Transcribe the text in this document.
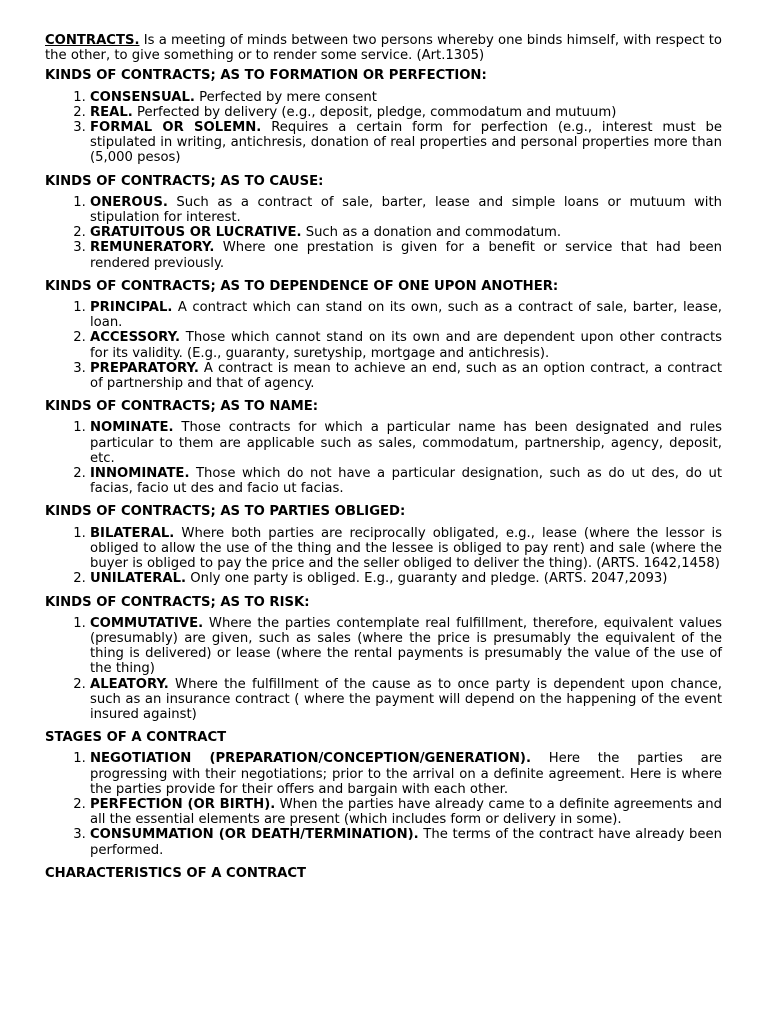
CONTRACTS. Is a meeting of minds between two persons whereby one binds himself, with respect to the other, to give something or to render some service. (Art.1305)

KINDS OF CONTRACTS; AS TO FORMATION OR PERFECTION:
1. CONSENSUAL. Perfected by mere consent
2. REAL. Perfected by delivery (e.g., deposit, pledge, commodatum and mutuum)
3. FORMAL OR SOLEMN. Requires a certain form for perfection (e.g., interest must be stipulated in writing, antichresis, donation of real properties and personal properties more than (5,000 pesos)
KINDS OF CONTRACTS; AS TO CAUSE:
1. ONEROUS. Such as a contract of sale, barter, lease and simple loans or mutuum with stipulation for interest.
2. GRATUITOUS OR LUCRATIVE. Such as a donation and commodatum.
3. REMUNERATORY. Where one prestation is given for a benefit or service that had been rendered previously.
KINDS OF CONTRACTS; AS TO DEPENDENCE OF ONE UPON ANOTHER:
1. PRINCIPAL. A contract which can stand on its own, such as a contract of sale, barter, lease, loan.
2. ACCESSORY. Those which cannot stand on its own and are dependent upon other contracts for its validity. (E.g., guaranty, suretyship, mortgage and antichresis).
3. PREPARATORY. A contract is mean to achieve an end, such as an option contract, a contract of partnership and that of agency.
KINDS OF CONTRACTS; AS TO NAME:
1. NOMINATE. Those contracts for which a particular name has been designated and rules particular to them are applicable such as sales, commodatum, partnership, agency, deposit, etc.
2. INNOMINATE. Those which do not have a particular designation, such as do ut des, do ut facias, facio ut des and facio ut facias.
KINDS OF CONTRACTS; AS TO PARTIES OBLIGED:
1. BILATERAL. Where both parties are reciprocally obligated, e.g., lease (where the lessor is obliged to allow the use of the thing and the lessee is obliged to pay rent) and sale (where the buyer is obliged to pay the price and the seller obliged to deliver the thing). (ARTS. 1642,1458)
2. UNILATERAL. Only one party is obliged. E.g., guaranty and pledge. (ARTS. 2047,2093)
KINDS OF CONTRACTS; AS TO RISK:
1. COMMUTATIVE. Where the parties contemplate real fulfillment, therefore, equivalent values (presumably) are given, such as sales (where the price is presumably the equivalent of the thing is delivered) or lease (where the rental payments is presumably the value of the use of the thing)
2. ALEATORY. Where the fulfillment of the cause as to once party is dependent upon chance, such as an insurance contract ( where the payment will depend on the happening of the event insured against)
STAGES OF A CONTRACT
1. NEGOTIATION (PREPARATION/CONCEPTION/GENERATION). Here the parties are progressing with their negotiations; prior to the arrival on a definite agreement. Here is where the parties provide for their offers and bargain with each other.
2. PERFECTION (OR BIRTH). When the parties have already came to a definite agreements and all the essential elements are present (which includes form or delivery in some).
3. CONSUMMATION (OR DEATH/TERMINATION). The terms of the contract have already been performed.
CHARACTERISTICS OF A CONTRACT
